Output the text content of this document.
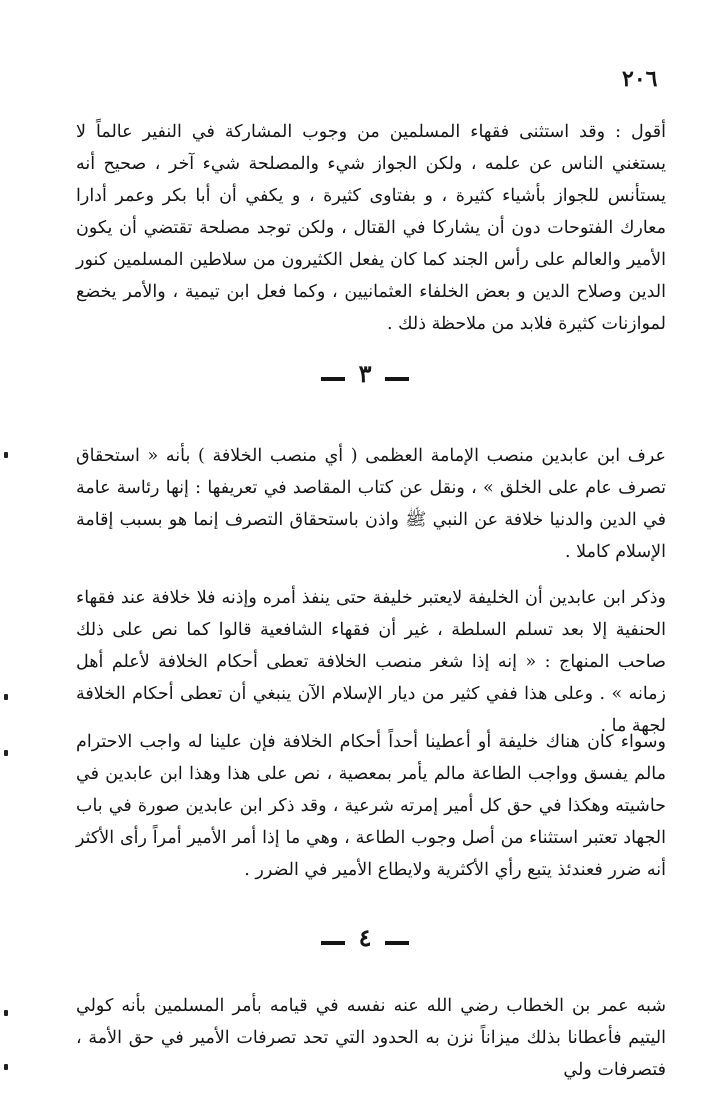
٢٠٦

أقول : وقد استثنى فقهاء المسلمين من وجوب المشاركة في النفير عالماً لا يستغني الناس عن علمه ، ولكن الجواز شيء والمصلحة شيء آخر ، صحيح أنه يستأنس للجواز بأشياء كثيرة ، و بفتاوى كثيرة ، و يكفي أن أبا بكر وعمر أدارا معارك الفتوحات دون أن يشاركا في القتال ، ولكن توجد مصلحة تقتضي أن يكون الأمير والعالم على رأس الجند كما كان يفعل الكثيرون من سلاطين المسلمين كنور الدين وصلاح الدين و بعض الخلفاء العثمانيين ، وكما فعل ابن تيمية ، والأمر يخضع لموازنات كثيرة فلابد من ملاحظة ذلك .

٣

عرف ابن عابدين منصب الإمامة العظمى ( أي منصب الخلافة ) بأنه « استحقاق تصرف عام على الخلق » ، ونقل عن كتاب المقاصد في تعريفها : إنها رئاسة عامة في الدين والدنيا خلافة عن النبي ﷺ واذن باستحقاق التصرف إنما هو بسبب إقامة الإسلام كاملا .

وذكر ابن عابدين أن الخليفة لايعتبر خليفة حتى ينفذ أمره وإذنه فلا خلافة عند فقهاء الحنفية إلا بعد تسلم السلطة ، غير أن فقهاء الشافعية قالوا كما نص على ذلك صاحب المنهاج : « إنه إذا شغر منصب الخلافة تعطى أحكام الخلافة لأعلم أهل زمانه » . وعلى هذا ففي كثير من ديار الإسلام الآن ينبغي أن تعطى أحكام الخلافة لجهة ما .

وسواء كان هناك خليفة أو أعطينا أحداً أحكام الخلافة فإن علينا له واجب الاحترام مالم يفسق وواجب الطاعة مالم يأمر بمعصية ، نص على هذا وهذا ابن عابدين في حاشيته وهكذا في حق كل أمير إمرته شرعية ، وقد ذكر ابن عابدين صورة في باب الجهاد تعتبر استثناء من أصل وجوب الطاعة ، وهي ما إذا أمر الأمير أمراً رأى الأكثر أنه ضرر فعندئذ يتبع رأي الأكثرية ولايطاع الأمير في الضرر .

٤

شبه عمر بن الخطاب رضي الله عنه نفسه في قيامه بأمر المسلمين بأنه كولي اليتيم فأعطانا بذلك ميزاناً نزن به الحدود التي تحد تصرفات الأمير في حق الأمة ، فتصرفات ولي
